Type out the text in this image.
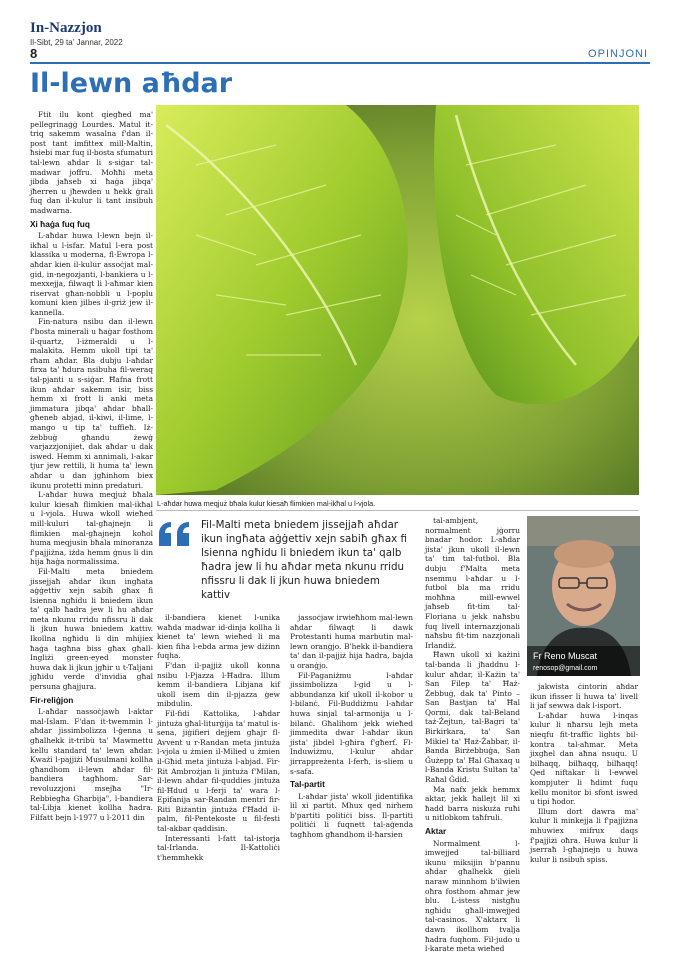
In-Nazzjon
Il-Sibt, 29 ta' Jannar, 2022
8	OPINJONI
Il-lewn aħdar

Ftit ilu kont qiegħed ma' pellegrinaġġ Lourdes. Matul it-triq sakemm wasalna f'dan il-post tant imfittex mill-Maltin, ħsiebi mar fuq il-bosta sfumaturi tal-lewn aħdar li s-siġar tal-madwar joffru. Moħħi meta jibda jaħseb xi ħaġa jibqa' jħerren u jħewden u ħekk ġrali fuq dan il-kulur li tant insibuh madwarna.

Xi ħaġa fuq fuq

L-aħdar huwa l-lewn bejn il-ikħal u l-isfar. Matul l-era post klassika u moderna, fl-Ewropa l-aħdar kien il-kulur assoċjat mal-gid, in-negozjanti, l-bankiera u l-mexxejja, filwaqt li l-aħmar kien riservat għan-nobbli u l-poplu komuni kien jilbes il-griż jew il-kannella.

Fin-natura nsibu dan il-lewn f'bosta minerali u ħaġar fosthom il-quartz, l-iżmeraldi u l-malakita. Hemm ukoll tipi ta' rħam aħdar. Bla dubju l-aħdar firxa ta' ħdura nsibuha fil-weraq tal-pjanti u s-siġar. Ħafna frott ikun aħdar sakemm isir, biss hemm xi frott li anki meta jimmatura jibqa' aħdar bħall-għeneb abjad, il-kiwi, il-lime, l-mango u tip ta' tuffieħ. Iż-żebbuġ għandu żewġ varjazzjonijiet, dak aħdar u dak iswed. Hemm xi annimali, l-akar tjur jew rettili, li huma ta' lewn aħdar u dan jgħinhom biex ikunu protetti minn predaturi.

L-aħdar huwa meqjuż bħala kulur kiesaħ flimkien mal-ikħal u l-vjola. Huwa wkoll wieħed mill-kuluri tal-għajnejn li flimkien mal-għajnejn koħol huma meqjusin bħala minoranza f'pajjiżna, iżda hemm ġnus li din hija ħaġa normalissima.

Fil-Malti meta bniedem jissejjaħ aħdar ikun ingħata aġġettiv xejn sabiħ għax fi lsienna ngħidu li bniedem ikun ta' qalb ħadra jew li hu aħdar meta nkunu rridu nfissru li dak li jkun huwa bniedem kattiv. Ikollna ngħidu li din mhijiex ħaġa tagħna biss għax għall-Ingliżi green-eyed monster huwa dak li jkun jgħir u t-Taljani jgħidu verde d'invidia għal persuna għajjura.

Fir-reliġjon

L-aħdar nassoċjawh l-aktar mal-Islam. F'dan it-twemmin l-aħdar jissimbolizza l-ġenna u għalhekk it-tribù ta' Mawmettu kellu standard ta' lewn aħdar. Kważi l-pajjiżi Musulmani kollha għandhom il-lewn aħdar fil-bandiera tagħhom. Sar-revoluzzjoni msejħa "Ir-Rebbiegħa Għarbija", l-bandiera tal-Libja kienet kollha ħadra. Filfatt bejn l-1977 u l-2011 din

L-aħdar huwa meqjuż bħala kulur kiesaħ flimkien mal-ikħal u l-vjola.
Fil-Malti meta bniedem jissejjaħ aħdar ikun ingħata aġġettiv xejn sabiħ għax fi lsienna ngħidu li bniedem ikun ta' qalb ħadra jew li hu aħdar meta nkunu rridu nfissru li dak li jkun huwa bniedem kattiv

il-bandiera kienet l-unika waħda madwar id-dinja kollha li kienet ta' lewn wieħed li ma kien fiha l-ebda arma jew diżinn fuqha.

F'dan il-pajjiż ukoll konna nsibu l-Pjazza l-Ħadra. Illum kemm il-bandiera Libjana kif ukoll isem din il-pjazza ġew mibdulin.

Fil-fidi Kattolika, l-aħdar jintuża għal-liturġija ta' matul is-sena, jiġifieri dejjem għajr fl-Avvent u r-Randan meta jintuża l-vjola u żmien il-Milied u żmien il-Għid meta jintuża l-abjad. Fir-Rit Ambrożjan li jintuża f'Milan, il-lewn aħdar fil-quddies jintuża fil-Ħdud u l-ferji ta' wara l-Epifanija sar-Randan mentri fir-Riti Biżantin jintuża f'Ħadd il-palm, fil-Pentekoste u fil-festi tal-akbar qaddisin.

Interessanti l-fatt tal-istorja tal-Irlanda. Il-Kattoliċi t'hemmhekk

jassoċjaw irwieħhom mal-lewn aħdar filwaqt li dawk Protestanti huma marbutin mal-lewn oranġjo. B'hekk il-bandiera ta' dan il-pajjiż hija ħadra, bajda u oranġjo.

Fil-Paganiżmu l-aħdar jissimbolizza l-gid u l-abbundanza kif ukoll il-kobor u l-bilanċ. Fil-Buddiżmu l-aħdar huwa sinjal tal-armonija u l-bilanċ. Għalihom jekk wieħed jimmedita dwar l-aħdar ikun jista' jibdel l-għira f'għerf. Fl-Induwiżmu, l-kulur aħdar jirrappreżenta l-ferħ, is-sliem u s-safa.

Tal-partit

L-aħdar jista' wkoll jidentifika lil xi partit. Mhux qed nirhem b'partiti politiċi biss. Il-partiti politiċi li fuqnett tal-aġenda tagħhom għandhom il-ħarsien

tal-ambjent, normalment jġorru bnadar ħodor. L-aħdar jista' jkun ukoll il-lewn ta' tim tal-futbol. Bla dubju f'Malta meta nsemmu l-aħdar u l-futbol bla ma rridu moħħna mill-ewwel jaħseb fit-tim tal-Floriana u jekk naħsbu fuq livell internazzjonali naħsbu fit-tim nazzjonali Irlandiż.

Ħawn ukoll xi każini tal-banda li jħaddnu l-kulur aħdar, il-Każin ta' San Filep ta' Ħaż-Żebbuġ, dak ta' Pinto – San Bastjan ta' Ħal Qormi, dak tal-Beland taż-Żejtun, tal-Bagri ta' Birkirkara, ta' San Mikiel ta' Ħaż-Żabbar, il-Banda Birżebbuġa, San Ġużepp ta' Ħal Għaxaq u l-Banda Kristu Sultan ta' Raħal Ġdid.

Ma nafx jekk hemmx aktar, jekk ħallejt lil xi ħadd barra niskuża ruħi u nitlobkom taħfruli.

Aktar

Normalment l-imwejjed tal-billiard ikunu miksijin b'pannu aħdar għalhekk ġieli naraw minnhom b'ilwien oħra fosthom aħmar jew blu. L-istess nistgħu ngħidu għall-imwejjed tal-casinos. X'aktarx li dawn ikollhom tvalja ħadra fuqhom. Fil-judo u l-karate meta wieħed

Fr Reno Muscat
renosop@gmail.com

jakwista ċintorin aħdar ikun ifisser li huwa ta' livell li jaf sewwa dak l-isport.

L-aħdar huwa l-inqas kulur li nħarsu lejh meta nieqfu fit-traffic lights bil-kontra tal-aħmar. Meta jixgħel dan aħna nsuqu. U bilħaqq, bilħaqq, bilħaqq! Qed niftakar li l-ewwel kompjuter li ħdimt fuqu kellu monitor bi sfont iswed u tipi ħodor.

Illum dort dawra ma' kulur li minkejja li f'pajjiżna mhuwiex mifrux daqs f'pajjiżi oħra. Huwa kulur li jserraħ l-għajnejn u huwa kulur li nsibuh spiss.
